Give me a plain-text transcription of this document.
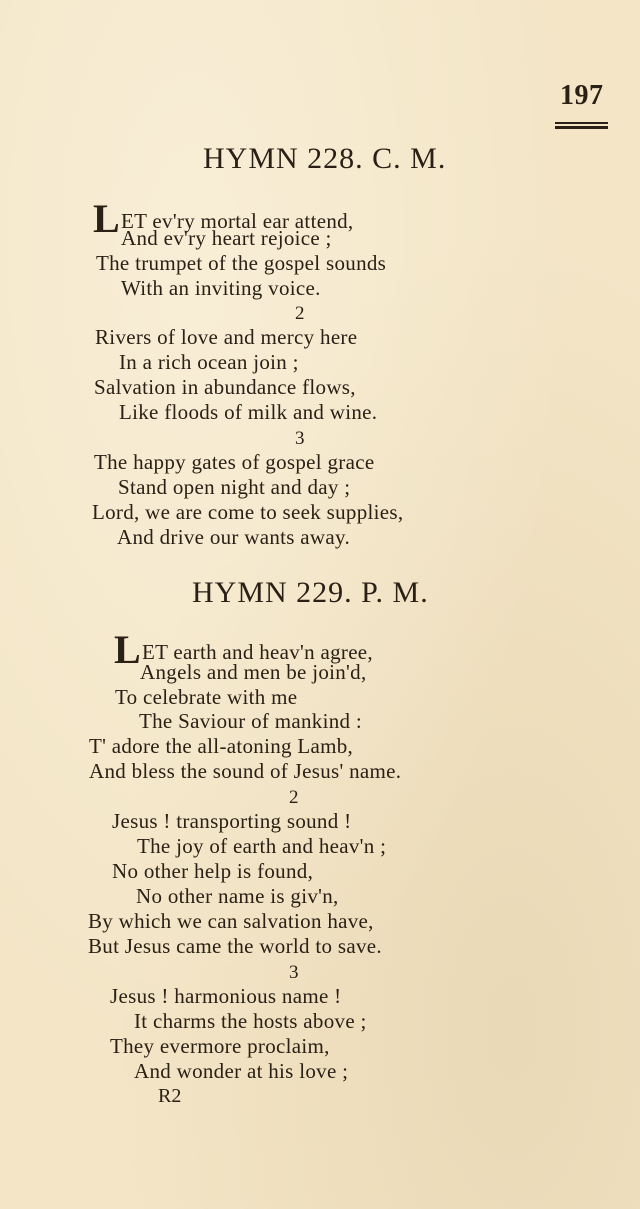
197
HYMN 228. C. M.
LET ev'ry mortal ear attend,
And ev'ry heart rejoice ;
The trumpet of the gospel sounds
With an inviting voice.
2
Rivers of love and mercy here
In a rich ocean join ;
Salvation in abundance flows,
Like floods of milk and wine.
3
The happy gates of gospel grace
Stand open night and day ;
Lord, we are come to seek supplies,
And drive our wants away.
HYMN 229. P. M.
LET earth and heav'n agree,
Angels and men be join'd,
To celebrate with me
The Saviour of mankind :
T' adore the all-atoning Lamb,
And bless the sound of Jesus' name.
2
Jesus ! transporting sound !
The joy of earth and heav'n ;
No other help is found,
No other name is giv'n,
By which we can salvation have,
But Jesus came the world to save.
3
Jesus ! harmonious name !
It charms the hosts above ;
They evermore proclaim,
And wonder at his love ;
R2
